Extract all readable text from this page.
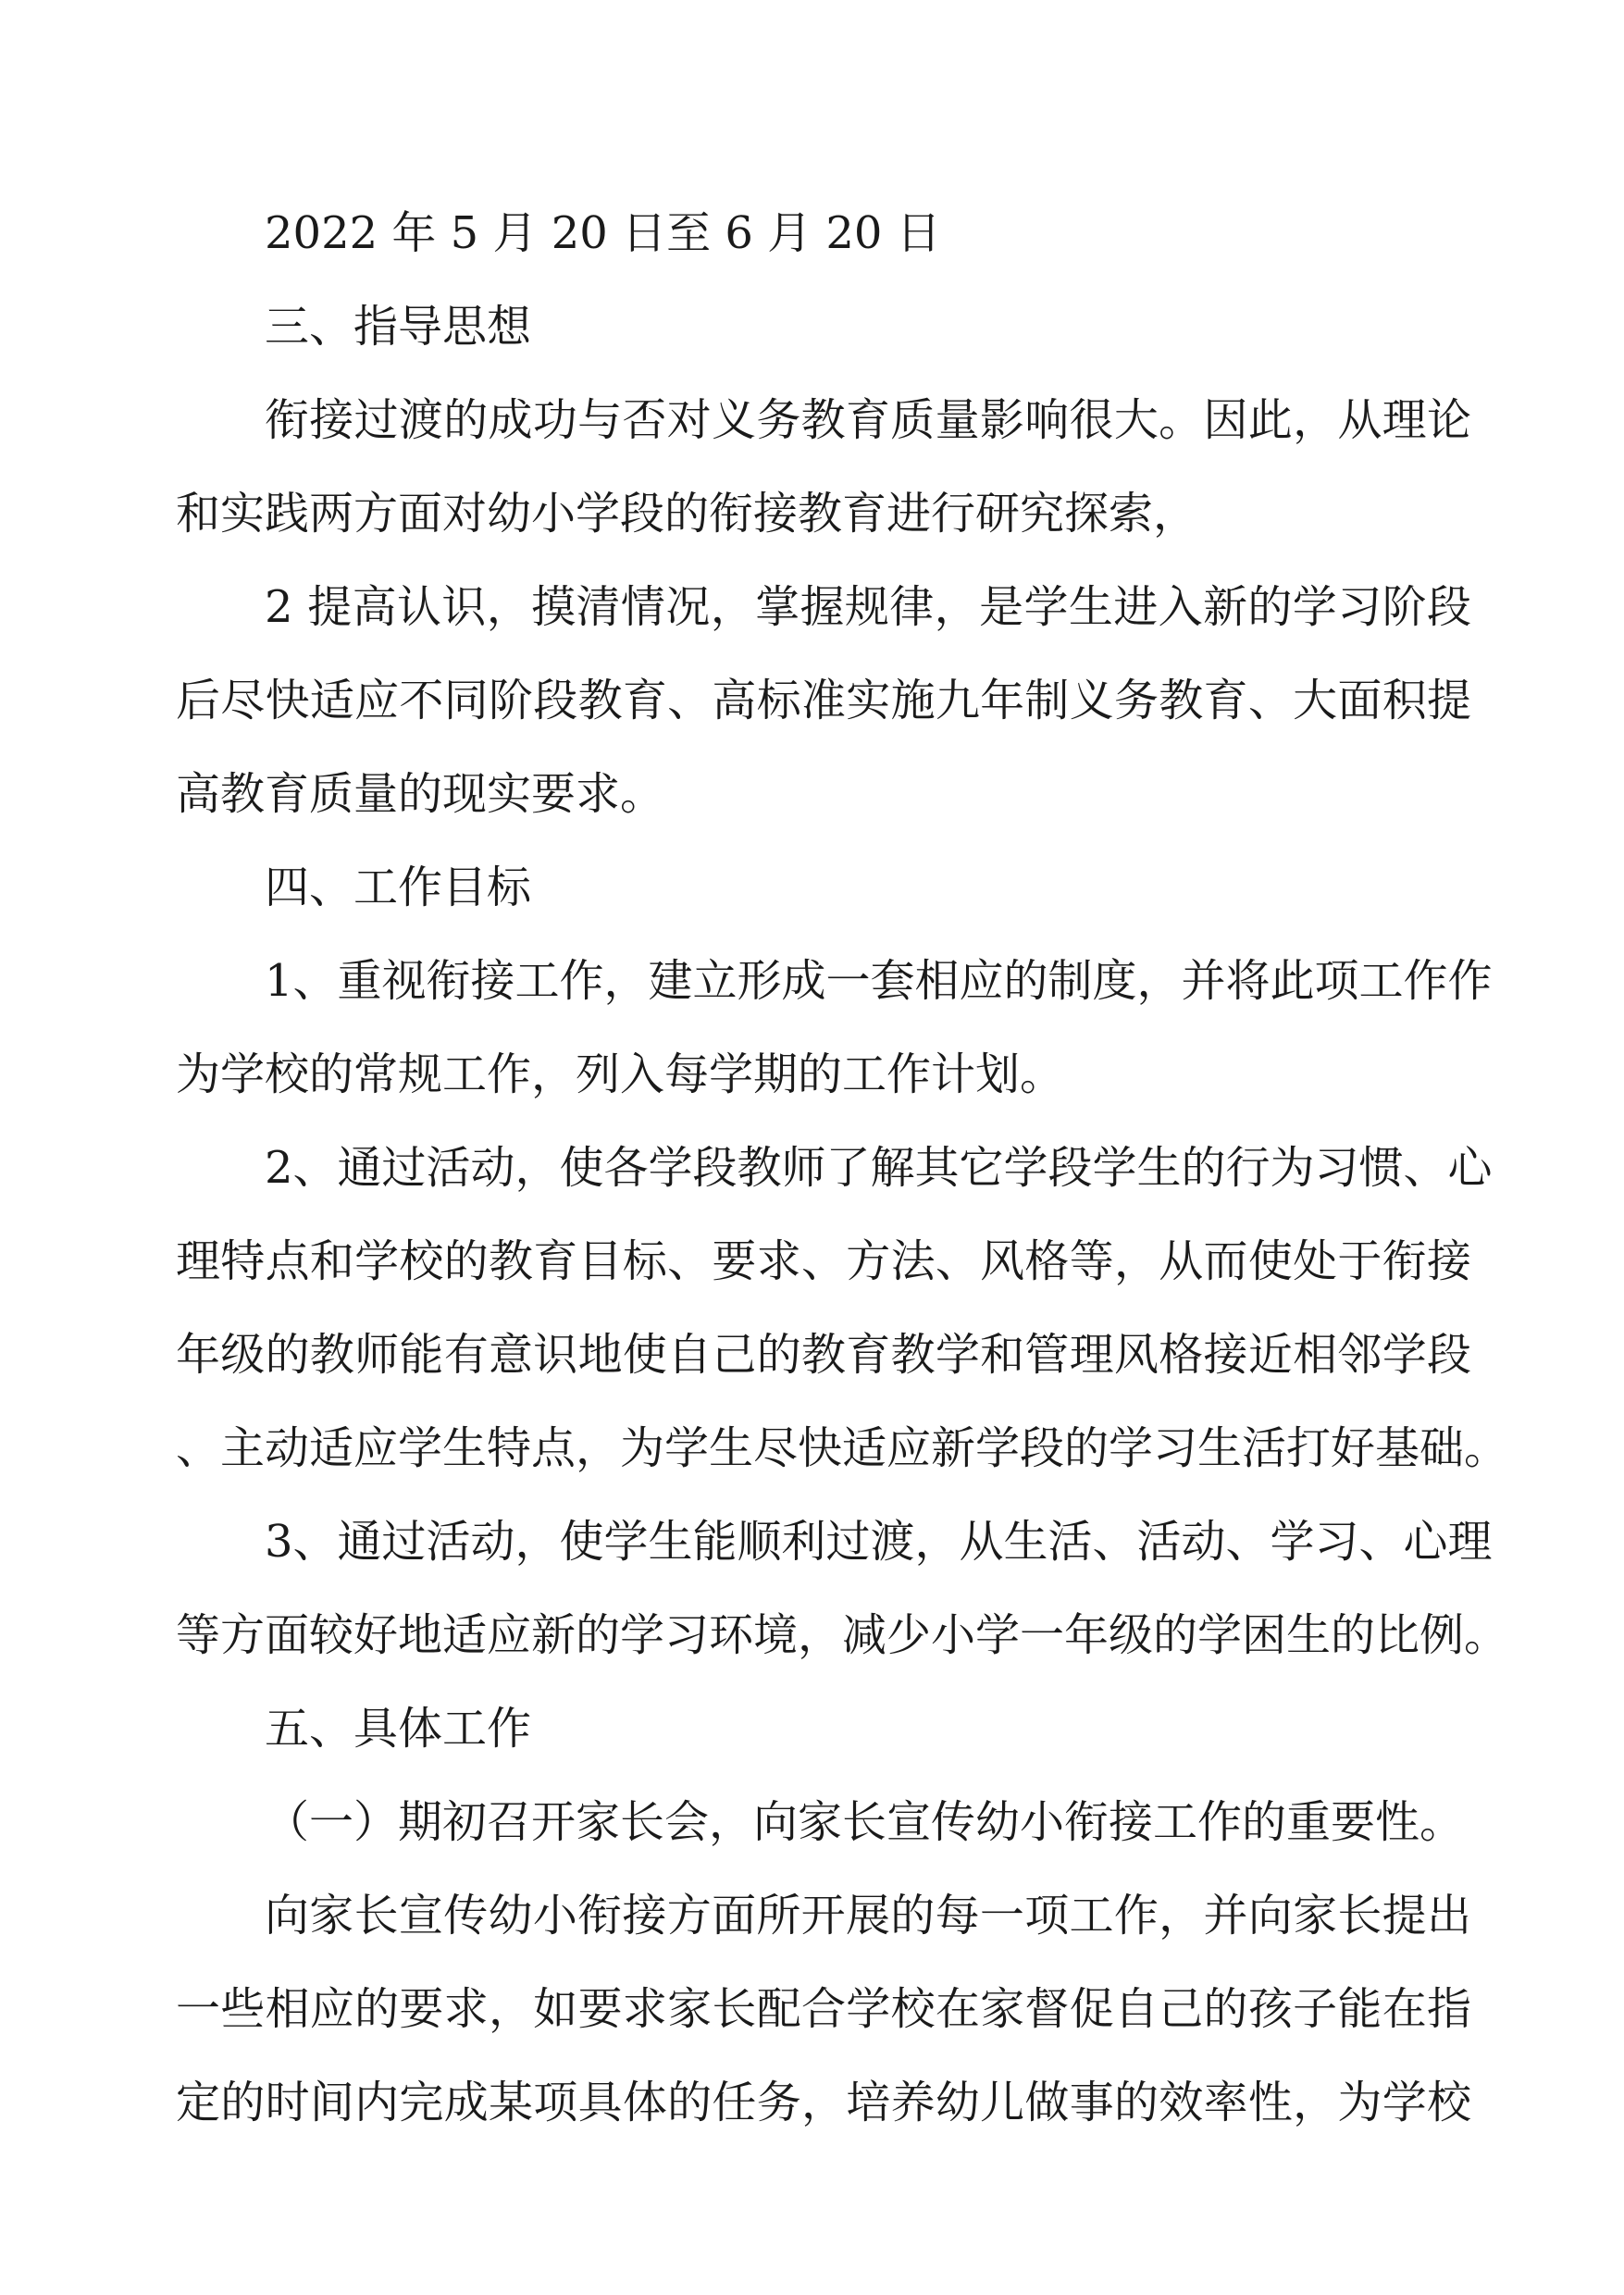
2022 年 5 月 20 日至 6 月 20 日
三、指导思想
衔接过渡的成功与否对义务教育质量影响很大。因此，从理论
和实践两方面对幼小学段的衔接教育进行研究探索，
2 提高认识，摸清情况，掌握规律，是学生进入新的学习阶段
后尽快适应不同阶段教育、高标准实施九年制义务教育、大面积提
高教育质量的现实要求。
四、工作目标
1、重视衔接工作，建立形成一套相应的制度，并将此项工作作
为学校的常规工作，列入每学期的工作计划。
2、通过活动，使各学段教师了解其它学段学生的行为习惯、心
理特点和学校的教育目标、要求、方法、风格等，从而使处于衔接
年级的教师能有意识地使自己的教育教学和管理风格接近相邻学段
、主动适应学生特点，为学生尽快适应新学段的学习生活打好基础。
3、通过活动，使学生能顺利过渡，从生活、活动、学习、心理
等方面较好地适应新的学习环境，减少小学一年级的学困生的比例。
五、具体工作
（一）期初召开家长会，向家长宣传幼小衔接工作的重要性。
向家长宣传幼小衔接方面所开展的每一项工作，并向家长提出
一些相应的要求，如要求家长配合学校在家督促自己的孩子能在指
定的时间内完成某项具体的任务，培养幼儿做事的效率性，为学校
